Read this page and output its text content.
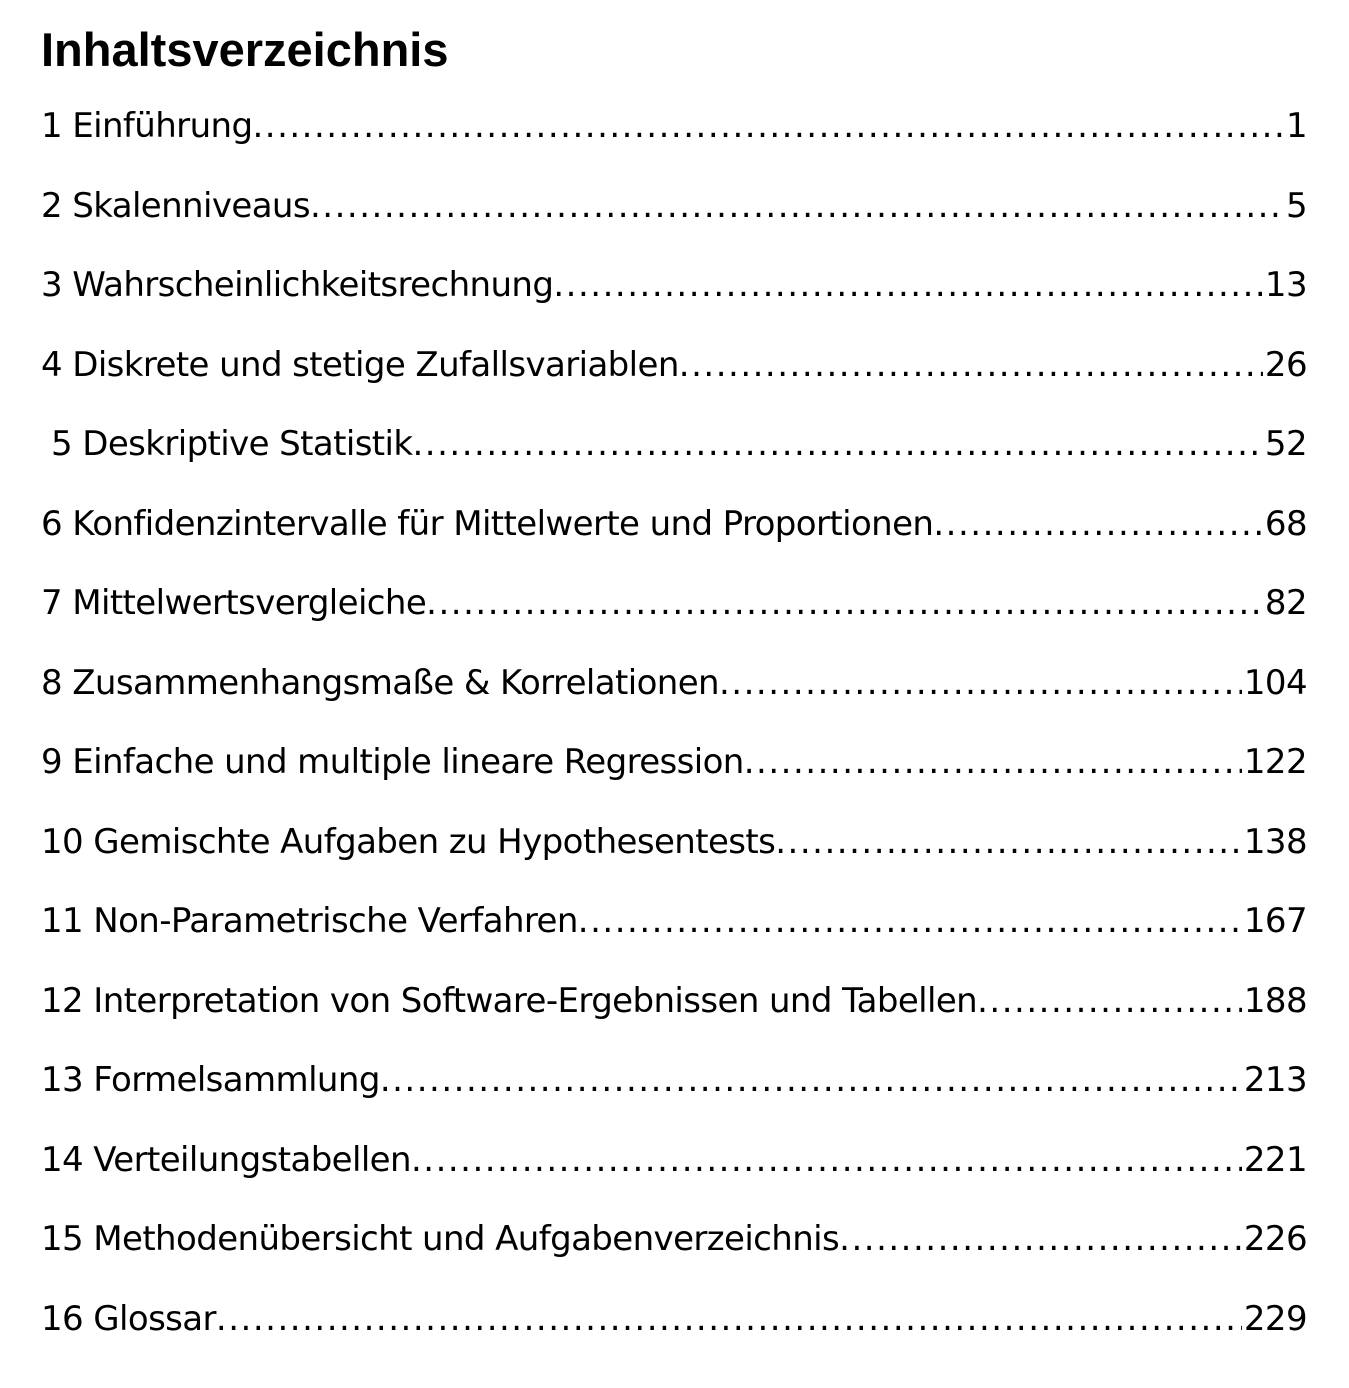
Inhaltsverzeichnis
1 Einführung .....	1
2 Skalenniveaus .....	5
3 Wahrscheinlichkeitsrechnung .....	13
4 Diskrete und stetige Zufallsvariablen .....	26
5 Deskriptive Statistik .....	52
6 Konfidenzintervalle für Mittelwerte und Proportionen .....	68
7 Mittelwertsvergleiche .....	82
8 Zusammenhangsmaße & Korrelationen .....	104
9 Einfache und multiple lineare Regression .....	122
10 Gemischte Aufgaben zu Hypothesentests .....	138
11 Non-Parametrische Verfahren .....	167
12 Interpretation von Software-Ergebnissen und Tabellen .....	188
13 Formelsammlung .....	213
14 Verteilungstabellen .....	221
15 Methodenübersicht und Aufgabenverzeichnis .....	226
16 Glossar .....	229
